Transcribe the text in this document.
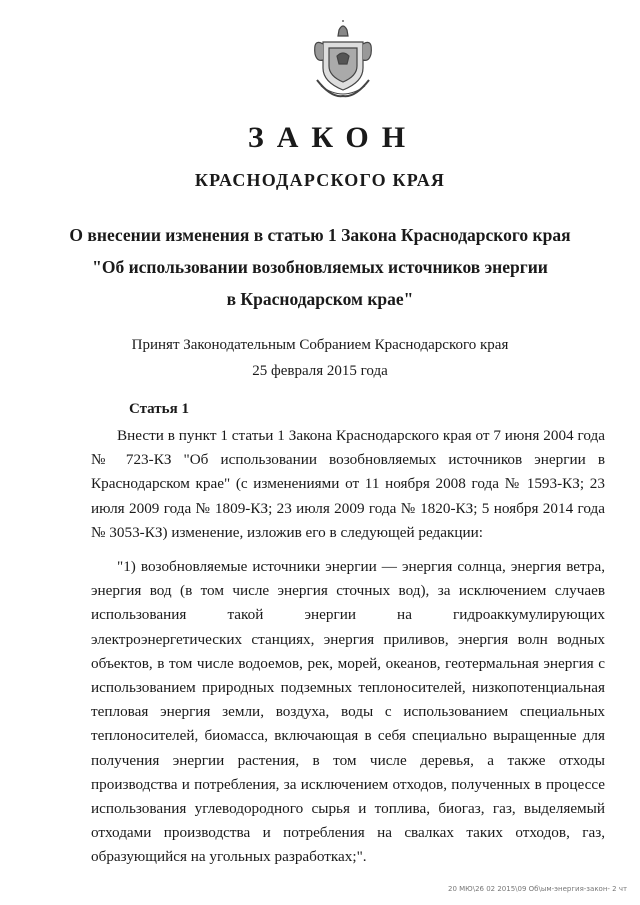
ЗАКОН
КРАСНОДАРСКОГО КРАЯ
О внесении изменения в статью 1 Закона Краснодарского края
"Об использовании возобновляемых источников энергии
в Краснодарском крае"
Принят Законодательным Собранием Краснодарского края
25 февраля 2015 года
Статья 1
Внести в пункт 1 статьи 1 Закона Краснодарского края от 7 июня 2004 года № 723-КЗ "Об использовании возобновляемых источников энергии в Краснодарском крае" (с изменениями от 11 ноября 2008 года № 1593-КЗ; 23 июля 2009 года № 1809-КЗ; 23 июля 2009 года № 1820-КЗ; 5 ноября 2014 года № 3053-КЗ) изменение, изложив его в следующей редакции:
"1) возобновляемые источники энергии — энергия солнца, энергия ветра, энергия вод (в том числе энергия сточных вод), за исключением случаев использования такой энергии на гидроаккумулирующих электроэнергетических станциях, энергия приливов, энергия волн водных объектов, в том числе водоемов, рек, морей, океанов, геотермальная энергия с использованием природных подземных теплоносителей, низкопотенциальная тепловая энергия земли, воздуха, воды с использованием специальных теплоносителей, биомасса, включающая в себя специально выращенные для получения энергии растения, в том числе деревья, а также отходы производства и потребления, за исключением отходов, полученных в процессе использования углеводородного сырья и топлива, биогаз, газ, выделяемый отходами производства и потребления на свалках таких отходов, газ, образующийся на угольных разработках;".
20 МЮ\26 02 2015\09 Об\ым-энергия-закон- 2 чт
